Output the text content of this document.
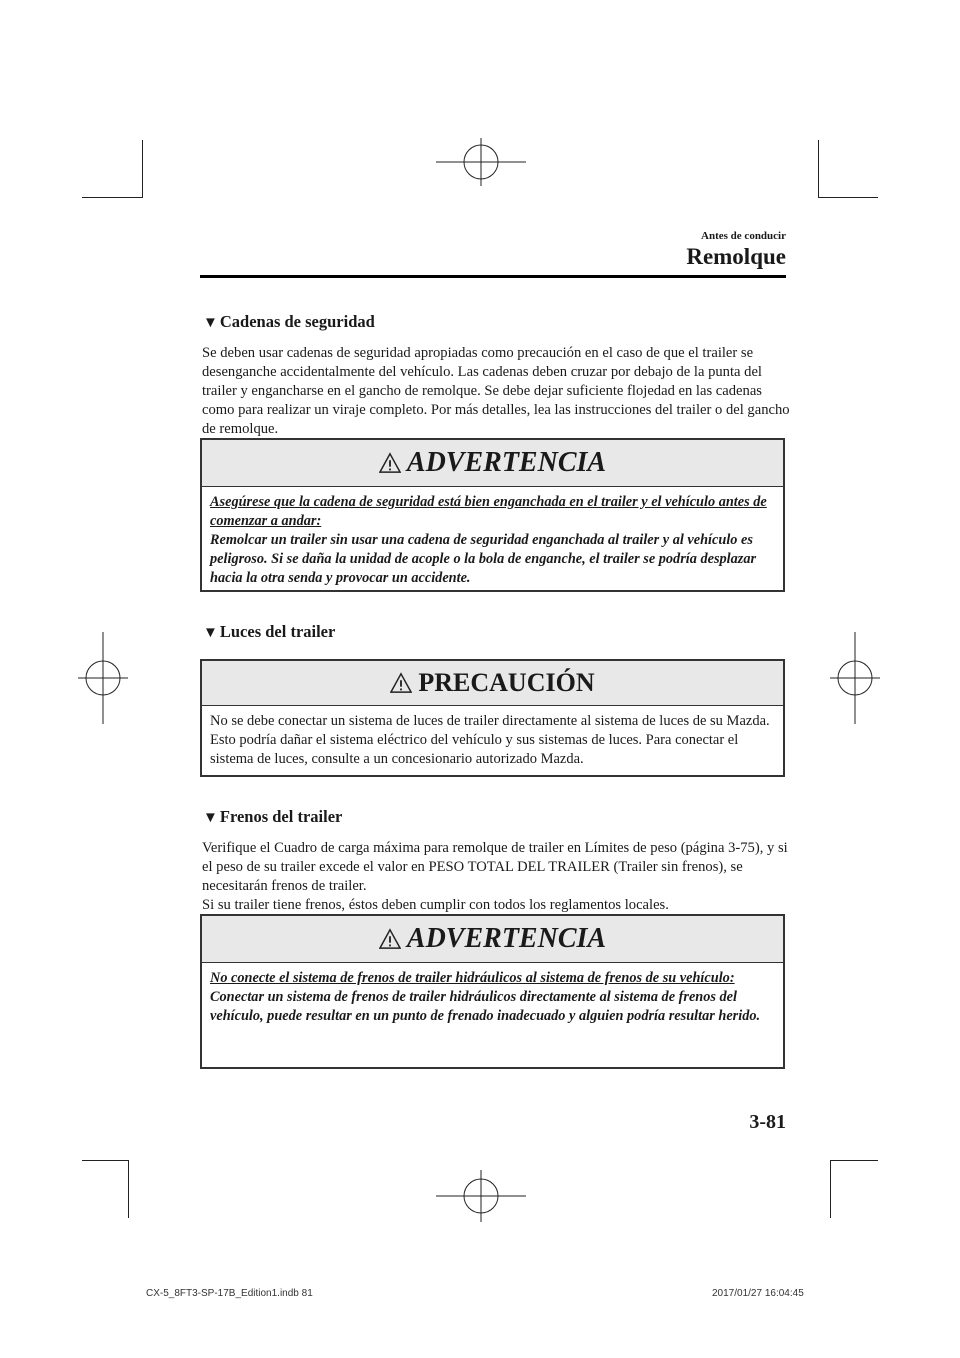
Antes de conducir
Remolque
▼ Cadenas de seguridad
Se deben usar cadenas de seguridad apropiadas como precaución en el caso de que el trailer se desenganche accidentalmente del vehículo. Las cadenas deben cruzar por debajo de la punta del trailer y engancharse en el gancho de remolque. Se debe dejar suficiente flojedad en las cadenas como para realizar un viraje completo. Por más detalles, lea las instrucciones del trailer o del gancho de remolque.
ADVERTENCIA
Asegúrese que la cadena de seguridad está bien enganchada en el trailer y el vehículo antes de comenzar a andar:
Remolcar un trailer sin usar una cadena de seguridad enganchada al trailer y al vehículo es peligroso. Si se daña la unidad de acople o la bola de enganche, el trailer se podría desplazar hacia la otra senda y provocar un accidente.
▼ Luces del trailer
PRECAUCIÓN
No se debe conectar un sistema de luces de trailer directamente al sistema de luces de su Mazda. Esto podría dañar el sistema eléctrico del vehículo y sus sistemas de luces. Para conectar el sistema de luces, consulte a un concesionario autorizado Mazda.
▼ Frenos del trailer
Verifique el Cuadro de carga máxima para remolque de trailer en Límites de peso (página 3-75), y si el peso de su trailer excede el valor en PESO TOTAL DEL TRAILER (Trailer sin frenos), se necesitarán frenos de trailer.
Si su trailer tiene frenos, éstos deben cumplir con todos los reglamentos locales.
ADVERTENCIA
No conecte el sistema de frenos de trailer hidráulicos al sistema de frenos de su vehículo:
Conectar un sistema de frenos de trailer hidráulicos directamente al sistema de frenos del vehículo, puede resultar en un punto de frenado inadecuado y alguien podría resultar herido.
3-81
CX-5_8FT3-SP-17B_Edition1.indb 81	2017/01/27 16:04:45
